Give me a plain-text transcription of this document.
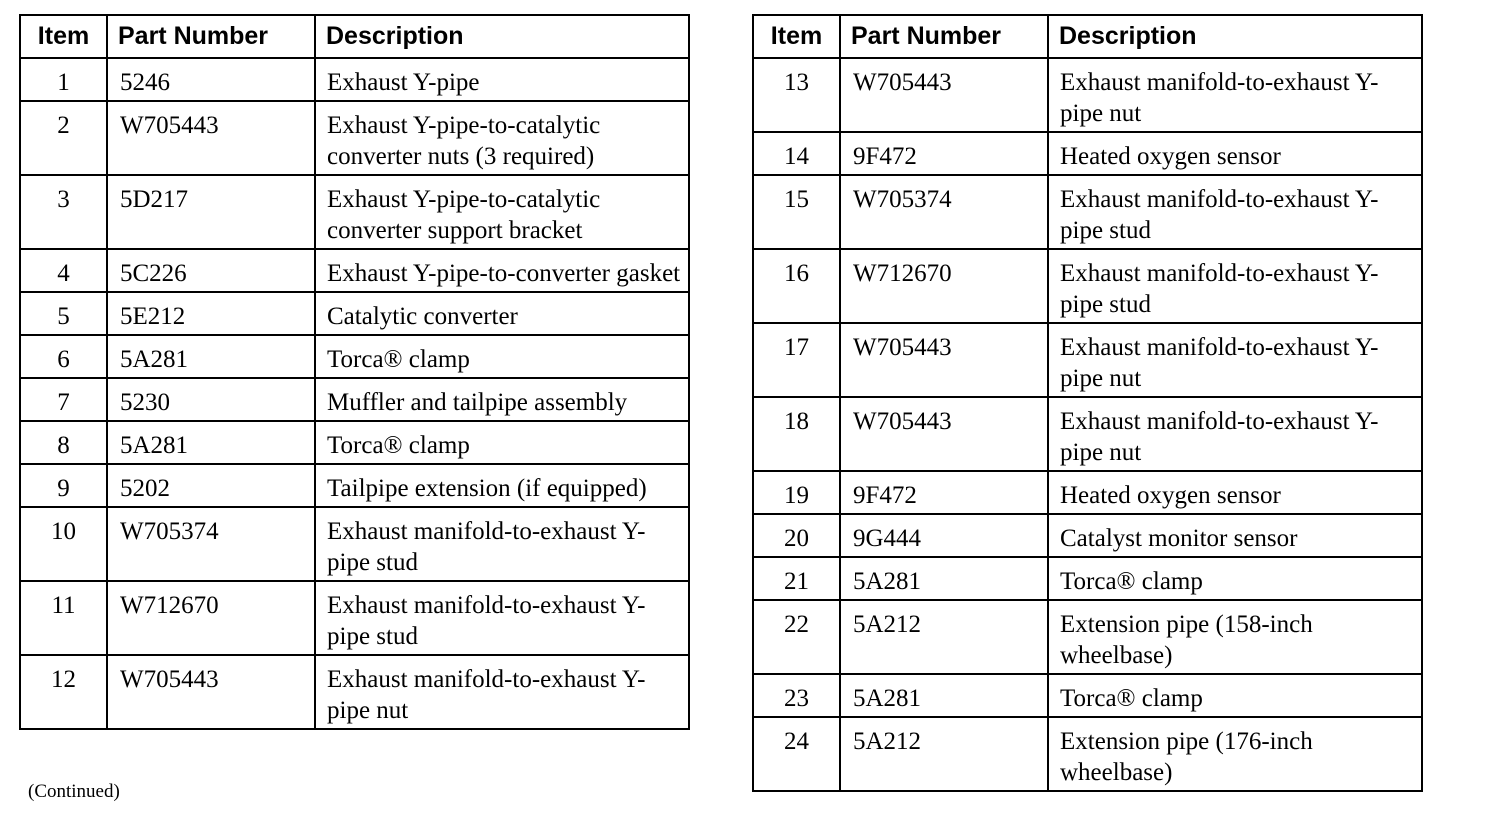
Item	Part Number	Description
1	5246	Exhaust Y-pipe
2	W705443	Exhaust Y-pipe-to-catalytic converter nuts (3 required)
3	5D217	Exhaust Y-pipe-to-catalytic converter support bracket
4	5C226	Exhaust Y-pipe-to-converter gasket
5	5E212	Catalytic converter
6	5A281	Torca® clamp
7	5230	Muffler and tailpipe assembly
8	5A281	Torca® clamp
9	5202	Tailpipe extension (if equipped)
10	W705374	Exhaust manifold-to-exhaust Y-pipe stud
11	W712670	Exhaust manifold-to-exhaust Y-pipe stud
12	W705443	Exhaust manifold-to-exhaust Y-pipe nut
Item	Part Number	Description
13	W705443	Exhaust manifold-to-exhaust Y-pipe nut
14	9F472	Heated oxygen sensor
15	W705374	Exhaust manifold-to-exhaust Y-pipe stud
16	W712670	Exhaust manifold-to-exhaust Y-pipe stud
17	W705443	Exhaust manifold-to-exhaust Y-pipe nut
18	W705443	Exhaust manifold-to-exhaust Y-pipe nut
19	9F472	Heated oxygen sensor
20	9G444	Catalyst monitor sensor
21	5A281	Torca® clamp
22	5A212	Extension pipe (158-inch wheelbase)
23	5A281	Torca® clamp
24	5A212	Extension pipe (176-inch wheelbase)
(Continued)
